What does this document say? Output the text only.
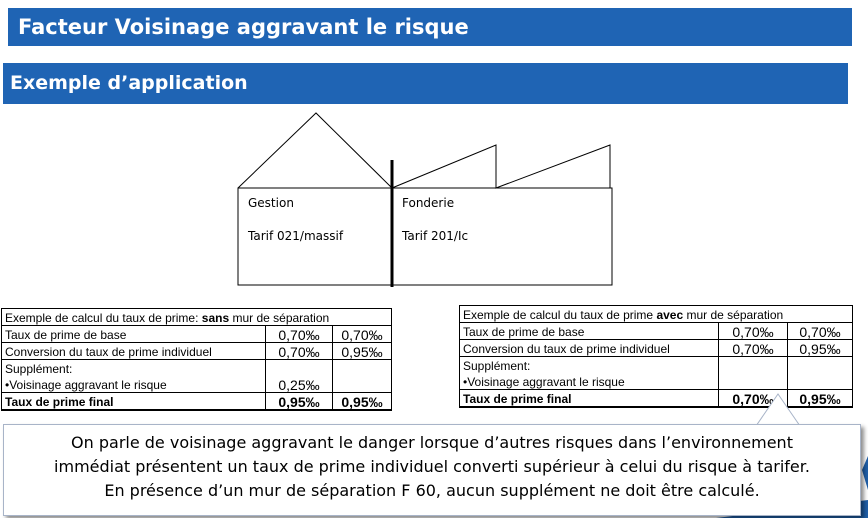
Facteur Voisinage aggravant le risque
Exemple d’application
Gestion
Tarif 021/massif
Fonderie
Tarif 201/Ic
Exemple de calcul du taux de prime: sans mur de séparation		
Taux de prime de base	0,70‰	0,70‰
Conversion du taux de prime individuel	0,70‰	0,95‰
Supplément:		
•Voisinage aggravant le risque	0,25‰	
Taux de prime final	0,95‰	0,95‰
Exemple de calcul du taux de prime avec mur de séparation		
Taux de prime de base	0,70‰	0,70‰
Conversion du taux de prime individuel	0,70‰	0,95‰
Supplément:		
•Voisinage aggravant le risque		
Taux de prime final	0,70‰	0,95‰
On parle de voisinage aggravant le danger lorsque d’autres risques dans l’environnement
immédiat présentent un taux de prime individuel converti supérieur à celui du risque à tarifer.
En présence d’un mur de séparation F 60, aucun supplément ne doit être calculé.
